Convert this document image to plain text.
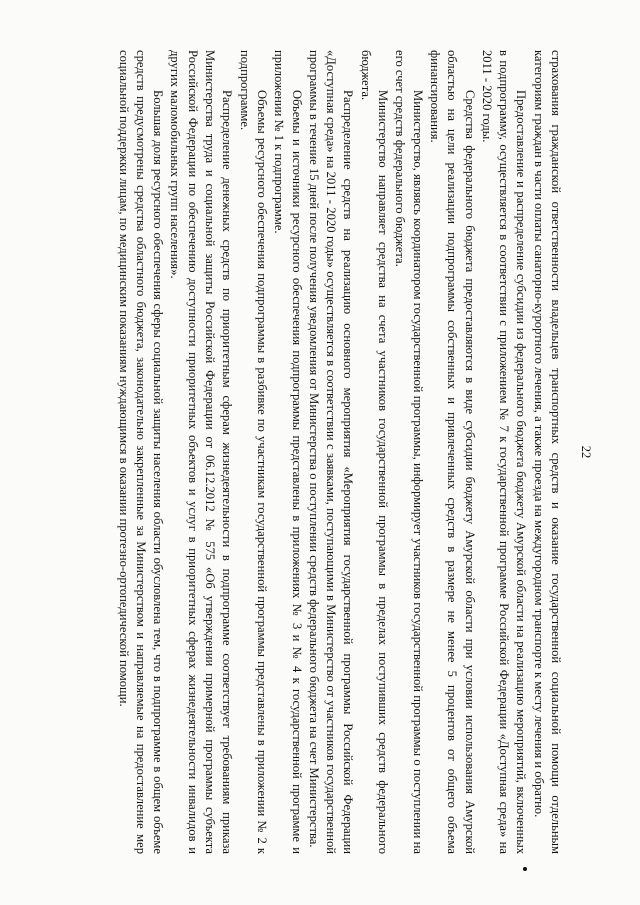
22

страхования гражданской ответственности владельцев транспортных средств и оказание государственной социальной помощи отдельным категориям граждан в части оплаты санаторно-курортного лечения, а также проезда на междугородном транспорте к месту лечения и обратно.

Предоставление и распределение субсидии из федерального бюджета бюджету Амурской области на реализацию мероприятий, включенных в подпрограмму, осуществляется в соответствии с приложением № 7 к государственной программе Российской Федерации «Доступная среда» на 2011 - 2020 годы.

Средства федерального бюджета предоставляются в виде субсидии бюджету Амурской области при условии использования Амурской областью на цели реализации подпрограммы собственных и привлеченных средств в размере не менее 5 процентов от общего объема финансирования.

Министерство, являясь координатором государственной программы, информирует участников государственной программы о поступлении на его счет средств федерального бюджета.

Министерство направляет средства на счета участников государственной программы в пределах поступивших средств федерального бюджета.

Распределение средств на реализацию основного мероприятия «Мероприятия государственной программы Российской Федерации «Доступная среда» на 2011 - 2020 годы» осуществляется в соответствии с заявками, поступающими в Министерство от участников государственной программы в течение 15 дней после получения уведомления от Министерства о поступлении средств федерального бюджета на счет Министерства.

Объемы и источники ресурсного обеспечения подпрограммы представлены в приложениях № 3 и № 4 к государственной программе и приложении № 1 к подпрограмме.

Объемы ресурсного обеспечения подпрограммы в разбивке по участникам государственной программы представлены в приложении № 2 к подпрограмме.

Распределение денежных средств по приоритетным сферам жизнедеятельности в подпрограмме соответствует требованиям приказа Министерства труда и социальной защиты Российской Федерации от 06.12.2012 № 575 «Об утверждении примерной программы субъекта Российской Федерации по обеспечению доступности приоритетных объектов и услуг в приоритетных сферах жизнедеятельности инвалидов и других маломобильных групп населения».

Большая доля ресурсного обеспечения сферы социальной защиты населения области обусловлена тем, что в подпрограмме в общем объеме средств предусмотрены средства областного бюджета, законодательно закрепленные за Министерством и направляемые на предоставление мер социальной поддержки лицам, по медицинским показаниям нуждающимся в оказании протезно-ортопедической помощи.
